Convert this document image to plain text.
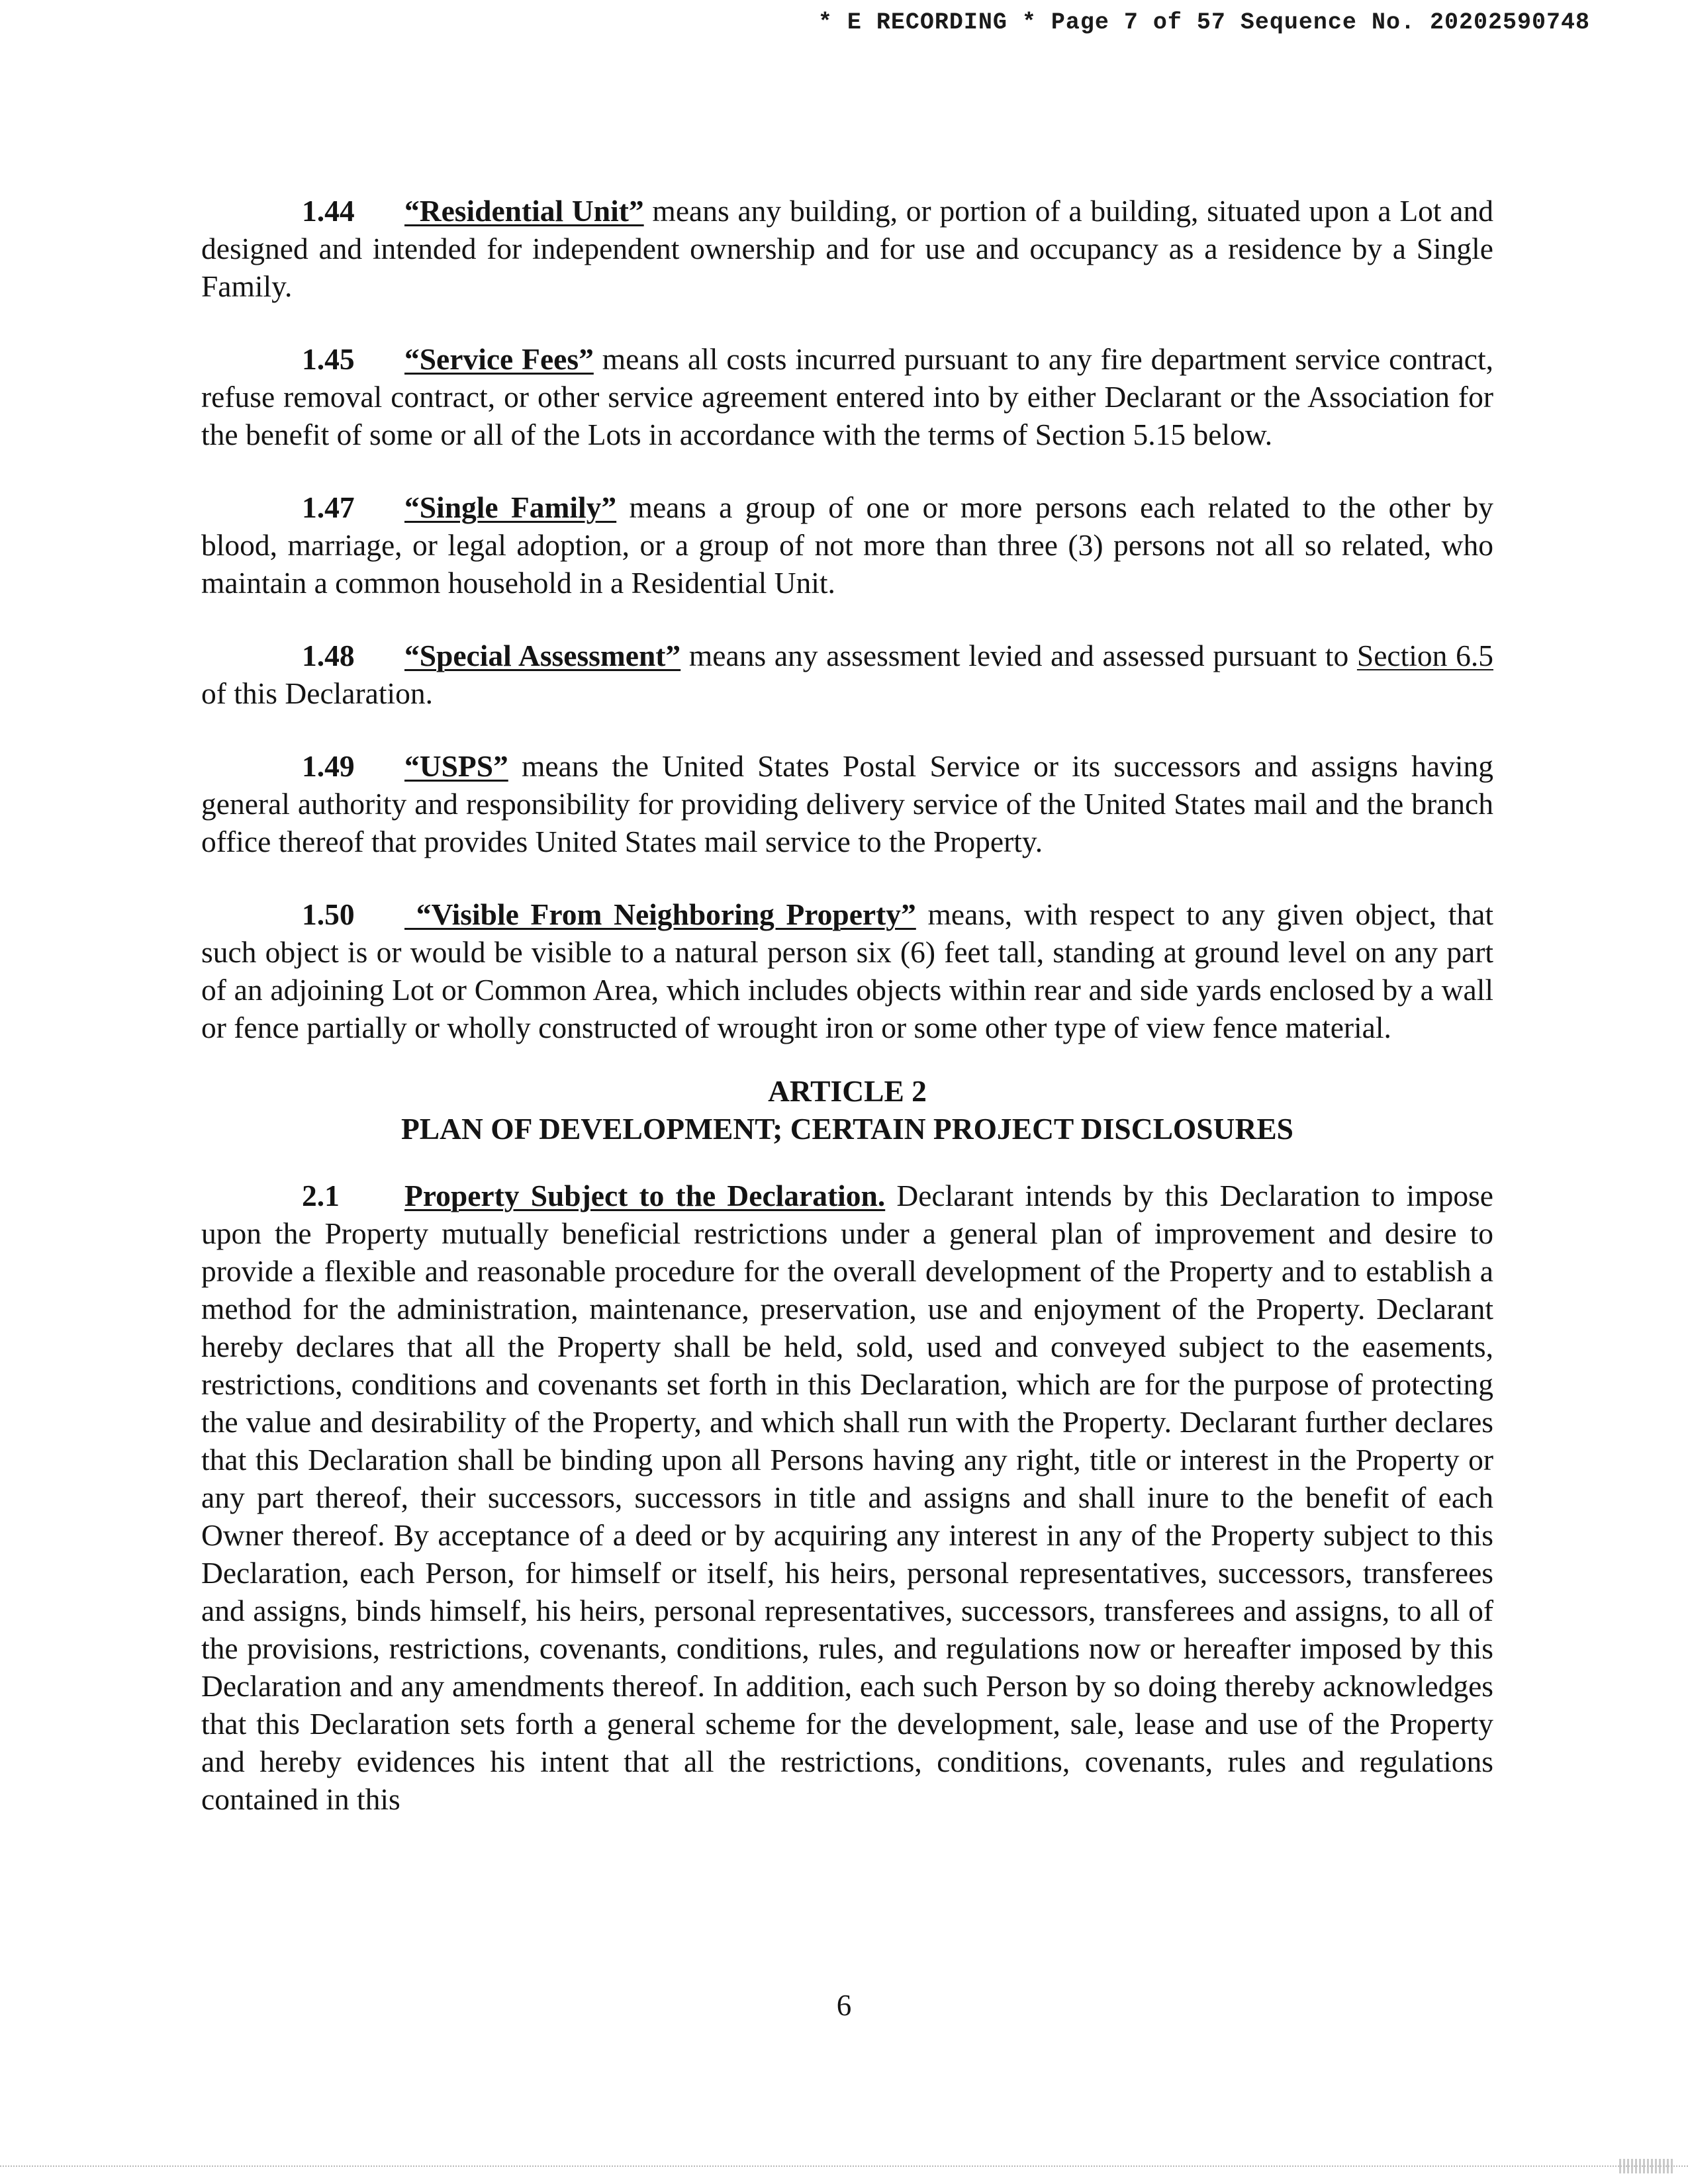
* E RECORDING * Page 7 of 57 Sequence No. 20202590748

1.44 “Residential Unit” means any building, or portion of a building, situated upon a Lot and designed and intended for independent ownership and for use and occupancy as a residence by a Single Family.

1.45 “Service Fees” means all costs incurred pursuant to any fire department service contract, refuse removal contract, or other service agreement entered into by either Declarant or the Association for the benefit of some or all of the Lots in accordance with the terms of Section 5.15 below.

1.47 “Single Family” means a group of one or more persons each related to the other by blood, marriage, or legal adoption, or a group of not more than three (3) persons not all so related, who maintain a common household in a Residential Unit.

1.48 “Special Assessment” means any assessment levied and assessed pursuant to Section 6.5 of this Declaration.

1.49 “USPS” means the United States Postal Service or its successors and assigns having general authority and responsibility for providing delivery service of the United States mail and the branch office thereof that provides United States mail service to the Property.

1.50 “Visible From Neighboring Property” means, with respect to any given object, that such object is or would be visible to a natural person six (6) feet tall, standing at ground level on any part of an adjoining Lot or Common Area, which includes objects within rear and side yards enclosed by a wall or fence partially or wholly constructed of wrought iron or some other type of view fence material.

ARTICLE 2
PLAN OF DEVELOPMENT; CERTAIN PROJECT DISCLOSURES

2.1 Property Subject to the Declaration. Declarant intends by this Declaration to impose upon the Property mutually beneficial restrictions under a general plan of improvement and desire to provide a flexible and reasonable procedure for the overall development of the Property and to establish a method for the administration, maintenance, preservation, use and enjoyment of the Property. Declarant hereby declares that all the Property shall be held, sold, used and conveyed subject to the easements, restrictions, conditions and covenants set forth in this Declaration, which are for the purpose of protecting the value and desirability of the Property, and which shall run with the Property. Declarant further declares that this Declaration shall be binding upon all Persons having any right, title or interest in the Property or any part thereof, their successors, successors in title and assigns and shall inure to the benefit of each Owner thereof. By acceptance of a deed or by acquiring any interest in any of the Property subject to this Declaration, each Person, for himself or itself, his heirs, personal representatives, successors, transferees and assigns, binds himself, his heirs, personal representatives, successors, transferees and assigns, to all of the provisions, restrictions, covenants, conditions, rules, and regulations now or hereafter imposed by this Declaration and any amendments thereof. In addition, each such Person by so doing thereby acknowledges that this Declaration sets forth a general scheme for the development, sale, lease and use of the Property and hereby evidences his intent that all the restrictions, conditions, covenants, rules and regulations contained in this

6
